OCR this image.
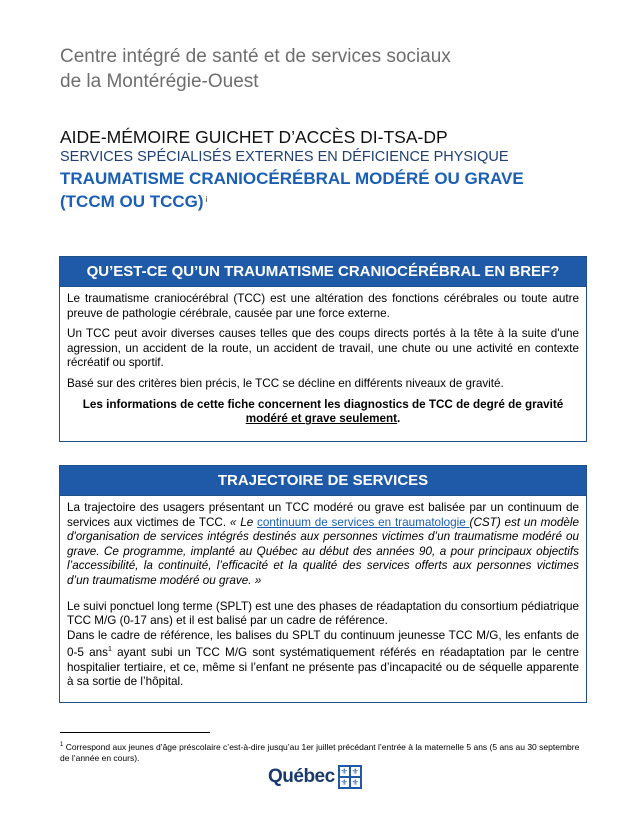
Centre intégré de santé et de services sociaux
de la Montérégie-Ouest
AIDE-MÉMOIRE GUICHET D’ACCÈS DI-TSA-DP
SERVICES SPÉCIALISÉS EXTERNES EN DÉFICIENCE PHYSIQUE
TRAUMATISME CRANIOCÉRÉBRAL MODÉRÉ OU GRAVE
(TCCM OU TCCG) $^i$
QU’EST-CE QU’UN TRAUMATISME CRANIOCÉRÉBRAL EN BREF?

Le traumatisme craniocérébral (TCC) est une altération des fonctions cérébrales ou toute autre preuve de pathologie cérébrale, causée par une force externe.

Un TCC peut avoir diverses causes telles que des coups directs portés à la tête à la suite d'une agression, un accident de la route, un accident de travail, une chute ou une activité en contexte récréatif ou sportif.

Basé sur des critères bien précis, le TCC se décline en différents niveaux de gravité.

Les informations de cette fiche concernent les diagnostics de TCC de degré de gravité modéré et grave seulement.

TRAJECTOIRE DE SERVICES

La trajectoire des usagers présentant un TCC modéré ou grave est balisée par un continuum de services aux victimes de TCC. « Le continuum de services en traumatologie (CST) est un modèle d'organisation de services intégrés destinés aux personnes victimes d’un traumatisme modéré ou grave. Ce programme, implanté au Québec au début des années 90, a pour principaux objectifs l’accessibilité, la continuité, l’efficacité et la qualité des services offerts aux personnes victimes d’un traumatisme modéré ou grave. »

Le suivi ponctuel long terme (SPLT) est une des phases de réadaptation du consortium pédiatrique TCC M/G (0-17 ans) et il est balisé par un cadre de référence.

Dans le cadre de référence, les balises du SPLT du continuum jeunesse TCC M/G, les enfants de 0-5 ans$^1$ ayant subi un TCC M/G sont systématiquement référés en réadaptation par le centre hospitalier tertiaire, et ce, même si l’enfant ne présente pas d’incapacité ou de séquelle apparente à sa sortie de l’hôpital.

$^1$ Correspond aux jeunes d’âge préscolaire c’est-à-dire jusqu’au 1er juillet précédant l’entrée à la maternelle 5 ans (5 ans au 30 septembre de l’année en cours).
Québec ⚜ ⚜
⚜ ⚜
